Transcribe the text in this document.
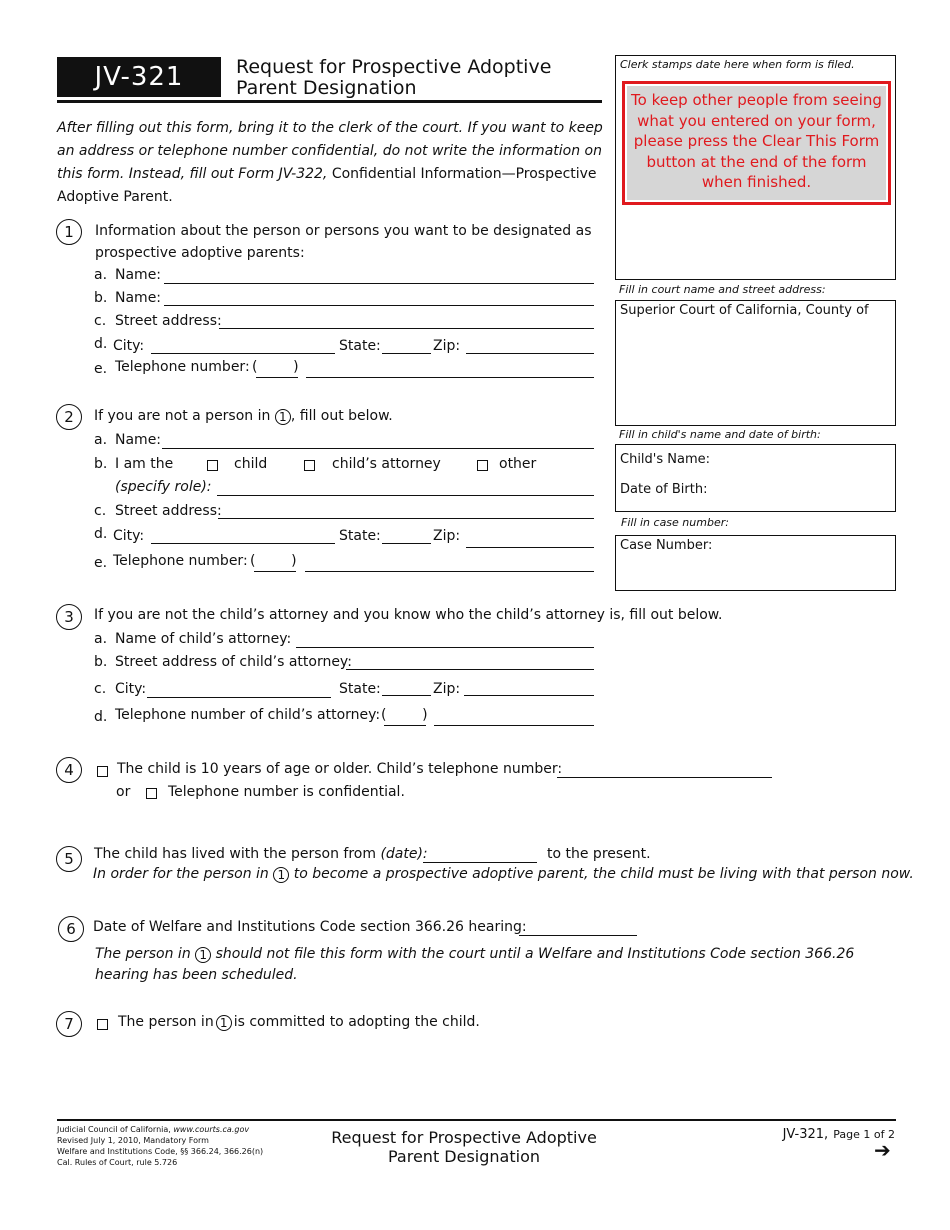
JV-321	Request for Prospective Adoptive
Parent Designation
After filling out this form, bring it to the clerk of the court. If you want to keep an address or telephone number confidential, do not write the information on this form. Instead, fill out Form JV-322, Confidential Information—Prospective Adoptive Parent.
Clerk stamps date here when form is filed.
To keep other people from seeing what you entered on your form, please press the Clear This Form button at the end of the form when finished.
Fill in court name and street address:
Superior Court of California, County of
Fill in child's name and date of birth:
Child's Name:
Date of Birth:
Fill in case number:
Case Number:
1	Information about the person or persons you want to be designated as
prospective adoptive parents:
a. Name:
b. Name:
c. Street address:
d. City:	State:	Zip:
e. Telephone number: (        )
2	If you are not a person in 1 , fill out below.
a. Name:
b. I am the	child	child’s attorney	other
(specify role):
c. Street address:
d. City:	State:	Zip:
e. Telephone number: (        )
3	If you are not the child’s attorney and you know who the child’s attorney is, fill out below.
a. Name of child’s attorney:
b. Street address of child’s attorney:
c. City:	State:	Zip:
d. Telephone number of child’s attorney: (        )
4	The child is 10 years of age or older. Child’s telephone number:
or	Telephone number is confidential.
5	The child has lived with the person from (date):	to the present.
In order for the person in 1 to become a prospective adoptive parent, the child must be living with that person now.
6	Date of Welfare and Institutions Code section 366.26 hearing:
The person in 1 should not file this form with the court until a Welfare and Institutions Code section 366.26
hearing has been scheduled.
7	The person in 1 is committed to adopting the child.
Judicial Council of California, www.courts.ca.gov
Revised July 1, 2010, Mandatory Form
Welfare and Institutions Code, §§ 366.24, 366.26(n)
Cal. Rules of Court, rule 5.726
Request for Prospective Adoptive
Parent Designation
JV-321, Page 1 of 2
➔
